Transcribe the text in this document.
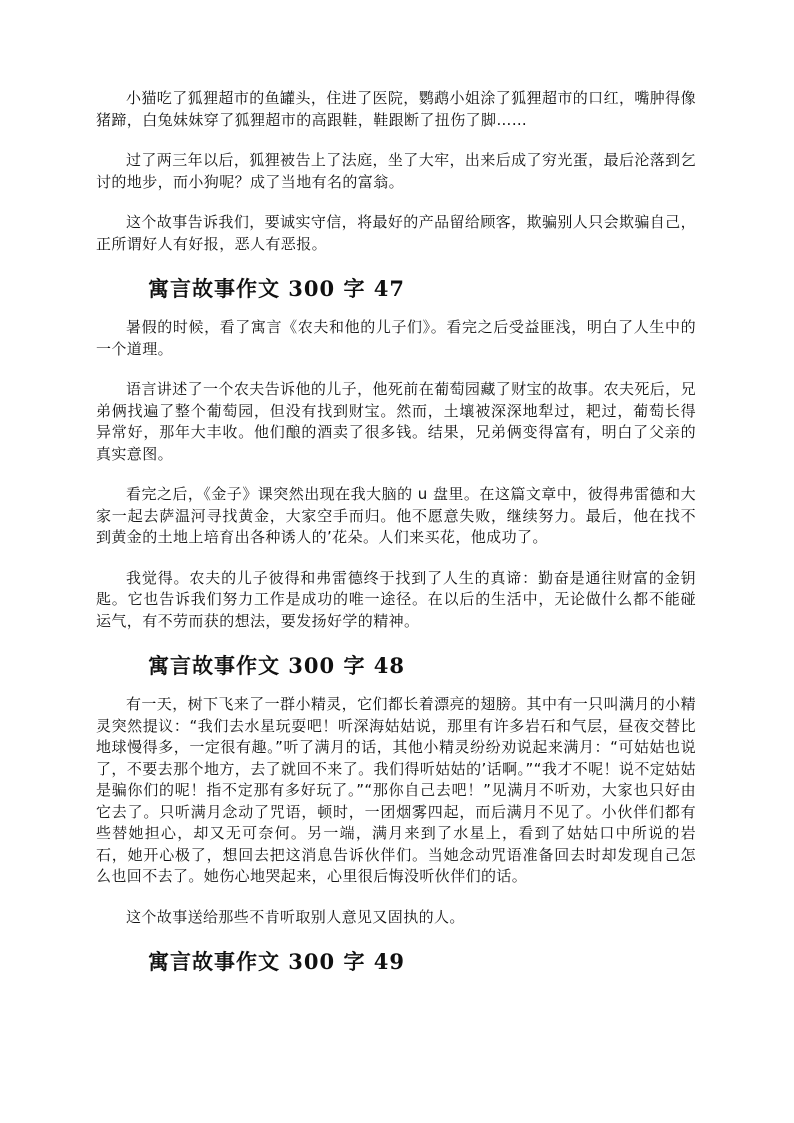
小猫吃了狐狸超市的鱼罐头，住进了医院，鹦鹉小姐涂了狐狸超市的口红，嘴肿得像猪蹄，白兔妹妹穿了狐狸超市的高跟鞋，鞋跟断了扭伤了脚……

过了两三年以后，狐狸被告上了法庭，坐了大牢，出来后成了穷光蛋，最后沦落到乞讨的地步，而小狗呢？成了当地有名的富翁。

这个故事告诉我们，要诚实守信，将最好的产品留给顾客，欺骗别人只会欺骗自己，正所谓好人有好报，恶人有恶报。

寓言故事作文 300 字 47

暑假的时候，看了寓言《农夫和他的儿子们》。看完之后受益匪浅，明白了人生中的一个道理。

语言讲述了一个农夫告诉他的儿子，他死前在葡萄园藏了财宝的故事。农夫死后，兄弟俩找遍了整个葡萄园，但没有找到财宝。然而，土壤被深深地犁过，耙过，葡萄长得异常好，那年大丰收。他们酿的酒卖了很多钱。结果，兄弟俩变得富有，明白了父亲的真实意图。

看完之后，《金子》课突然出现在我大脑的 u 盘里。在这篇文章中，彼得弗雷德和大家一起去萨温河寻找黄金，大家空手而归。他不愿意失败，继续努力。最后，他在找不到黄金的土地上培育出各种诱人的’花朵。人们来买花，他成功了。

我觉得。农夫的儿子彼得和弗雷德终于找到了人生的真谛：勤奋是通往财富的金钥匙。它也告诉我们努力工作是成功的唯一途径。在以后的生活中，无论做什么都不能碰运气，有不劳而获的想法，要发扬好学的精神。

寓言故事作文 300 字 48

有一天，树下飞来了一群小精灵，它们都长着漂亮的翅膀。其中有一只叫满月的小精灵突然提议：“我们去水星玩耍吧！听深海姑姑说，那里有许多岩石和气层，昼夜交替比地球慢得多，一定很有趣。”听了满月的话，其他小精灵纷纷劝说起来满月：“可姑姑也说了，不要去那个地方，去了就回不来了。我们得听姑姑的’话啊。”“我才不呢！说不定姑姑是骗你们的呢！指不定那有多好玩了。”“那你自己去吧！”见满月不听劝，大家也只好由它去了。只听满月念动了咒语，顿时，一团烟雾四起，而后满月不见了。小伙伴们都有些替她担心，却又无可奈何。另一端，满月来到了水星上，看到了姑姑口中所说的岩石，她开心极了，想回去把这消息告诉伙伴们。当她念动咒语准备回去时却发现自己怎么也回不去了。她伤心地哭起来，心里很后悔没听伙伴们的话。

这个故事送给那些不肯听取别人意见又固执的人。

寓言故事作文 300 字 49
